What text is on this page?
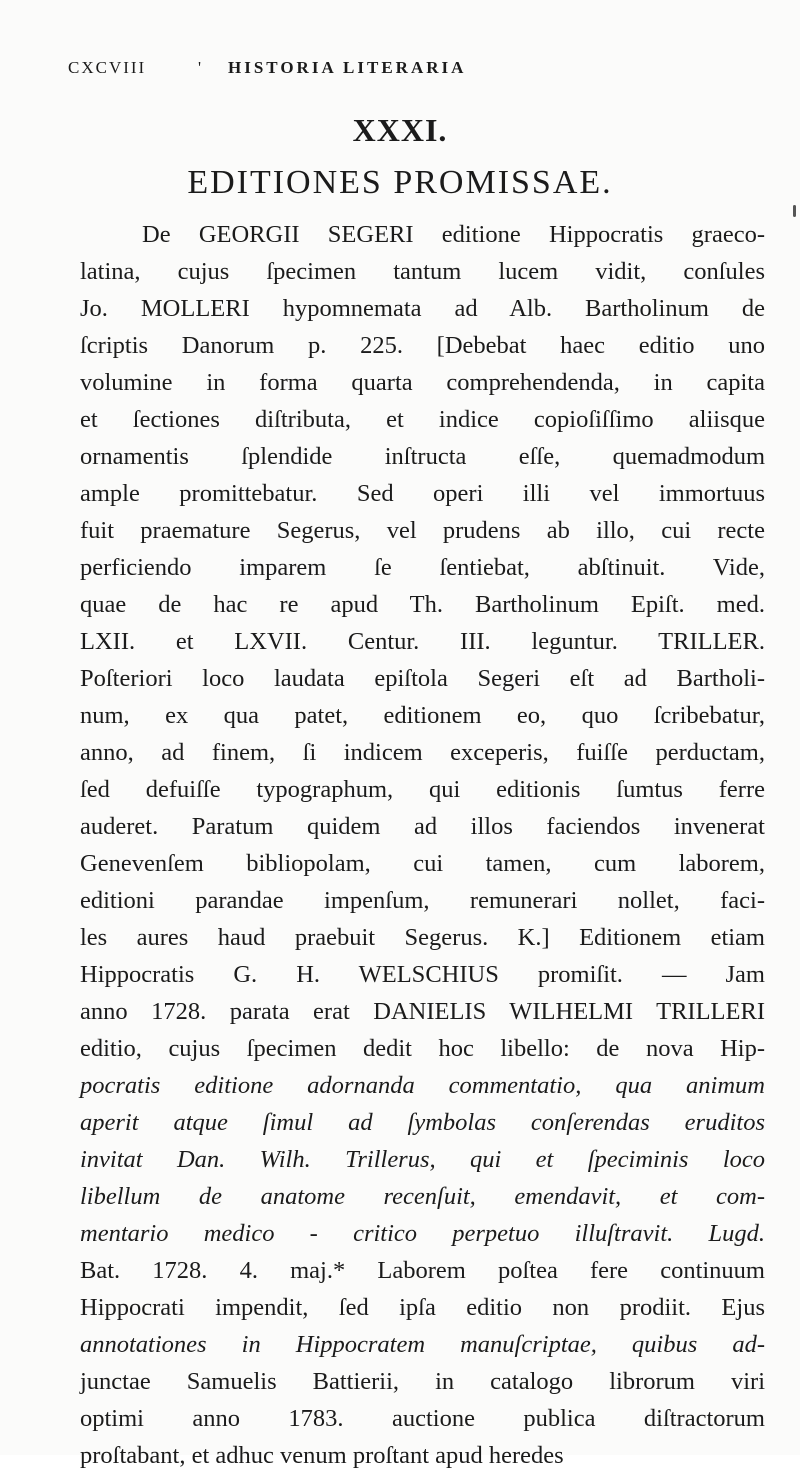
CXCVIII	' HISTORIA LITERARIA
XXXI.
EDITIONES PROMISSAE.
De GEORGII SEGERI editione Hippocratis graeco-
latina, cujus ſpecimen tantum lucem vidit, conſules
Jo. MOLLERI hypomnemata ad Alb. Bartholinum de
ſcriptis Danorum p. 225. [Debebat haec editio uno
volumine in forma quarta comprehendenda, in capita
et ſectiones diſtributa, et indice copioſiſſimo aliisque
ornamentis ſplendide inſtructa eſſe, quemadmodum
ample promittebatur. Sed operi illi vel immortuus
fuit praemature Segerus, vel prudens ab illo, cui recte
perficiendo imparem ſe ſentiebat, abſtinuit. Vide,
quae de hac re apud Th. Bartholinum Epiſt. med.
LXII. et LXVII. Centur. III. leguntur. TRILLER.
Poſteriori loco laudata epiſtola Segeri eſt ad Bartholi-
num, ex qua patet, editionem eo, quo ſcribebatur,
anno, ad finem, ſi indicem exceperis, fuiſſe perductam,
ſed defuiſſe typographum, qui editionis ſumtus ferre
auderet. Paratum quidem ad illos faciendos invenerat
Genevenſem bibliopolam, cui tamen, cum laborem,
editioni parandae impenſum, remunerari nollet, faci-
les aures haud praebuit Segerus. K.] Editionem etiam
Hippocratis G. H. WELSCHIUS promiſit. — Jam
anno 1728. parata erat DANIELIS WILHELMI TRILLERI
editio, cujus ſpecimen dedit hoc libello: de nova Hip-
pocratis editione adornanda commentatio, qua animum
aperit atque ſimul ad ſymbolas conſerendas eruditos
invitat Dan. Wilh. Trillerus, qui et ſpeciminis loco
libellum de anatome recenſuit, emendavit, et com-
mentario medico - critico perpetuo illuſtravit. Lugd.
Bat. 1728. 4. maj.* Laborem poſtea fere continuum
Hippocrati impendit, ſed ipſa editio non prodiit. Ejus
annotationes in Hippocratem manuſcriptae, quibus ad-
junctae Samuelis Battierii, in catalogo librorum viri
optimi anno 1783. auctione publica diſtractorum
proſtabant, et adhuc venum proſtant apud heredes
